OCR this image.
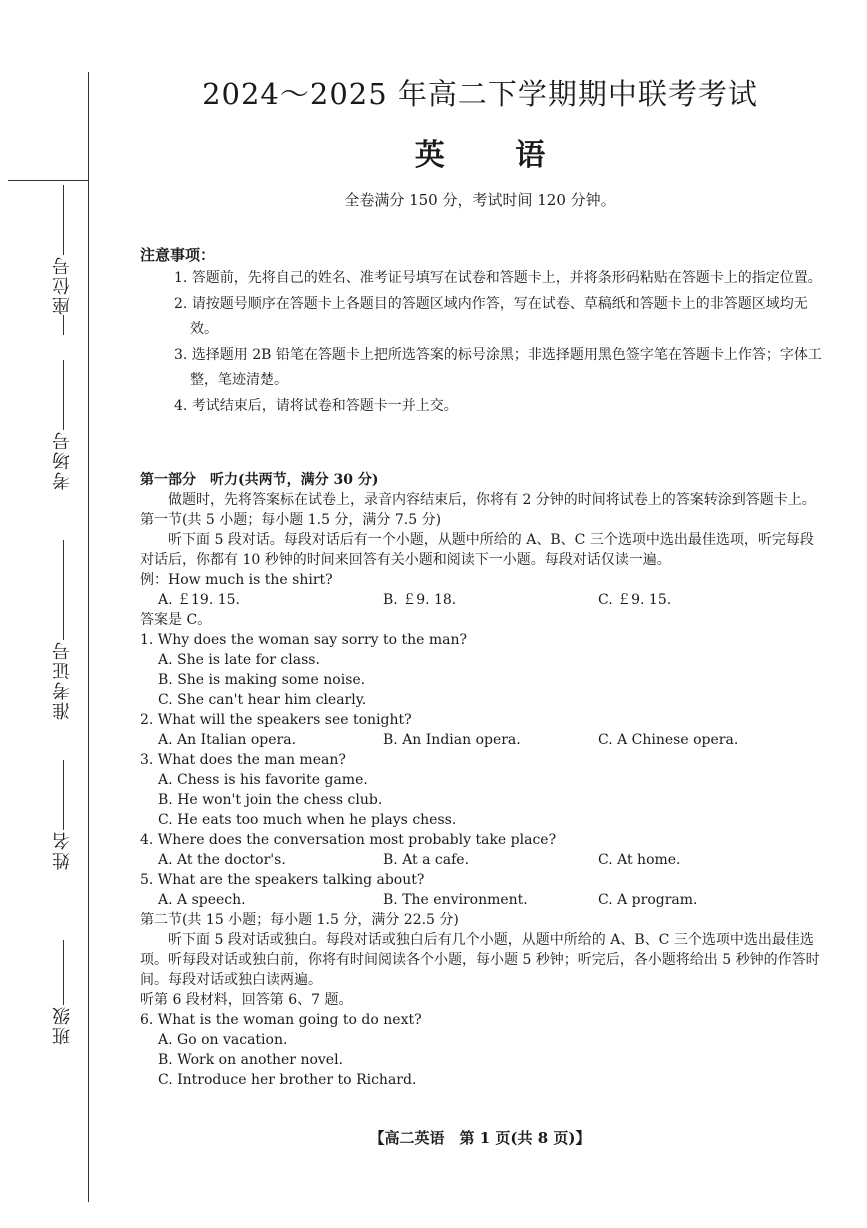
座位号
考场号
准考证号
姓名
班级
2024～2025 年高二下学期期中联考考试
英 语
全卷满分 150 分，考试时间 120 分钟。
注意事项：
1. 答题前，先将自己的姓名、准考证号填写在试卷和答题卡上，并将条形码粘贴在答题卡上的指定位置。
2. 请按题号顺序在答题卡上各题目的答题区域内作答，写在试卷、草稿纸和答题卡上的非答题区域均无效。
3. 选择题用 2B 铅笔在答题卡上把所选答案的标号涂黑；非选择题用黑色签字笔在答题卡上作答；字体工整，笔迹清楚。
4. 考试结束后，请将试卷和答题卡一并上交。
第一部分　听力(共两节，满分 30 分)
做题时，先将答案标在试卷上，录音内容结束后，你将有 2 分钟的时间将试卷上的答案转涂到答题卡上。
第一节(共 5 小题；每小题 1.5 分，满分 7.5 分)
听下面 5 段对话。每段对话后有一个小题，从题中所给的 A、B、C 三个选项中选出最佳选项，听完每段对话后，你都有 10 秒钟的时间来回答有关小题和阅读下一小题。每段对话仅读一遍。
例：How much is the shirt?
A. ￡19. 15.	B. ￡9. 18.	C. ￡9. 15.
答案是 C。
1. Why does the woman say sorry to the man?
A. She is late for class.
B. She is making some noise.
C. She can't hear him clearly.
2. What will the speakers see tonight?
A. An Italian opera.	B. An Indian opera.	C. A Chinese opera.
3. What does the man mean?
A. Chess is his favorite game.
B. He won't join the chess club.
C. He eats too much when he plays chess.
4. Where does the conversation most probably take place?
A. At the doctor's.	B. At a cafe.	C. At home.
5. What are the speakers talking about?
A. A speech.	B. The environment.	C. A program.
第二节(共 15 小题；每小题 1.5 分，满分 22.5 分)
听下面 5 段对话或独白。每段对话或独白后有几个小题，从题中所给的 A、B、C 三个选项中选出最佳选项。听每段对话或独白前，你将有时间阅读各个小题，每小题 5 秒钟；听完后，各小题将给出 5 秒钟的作答时间。每段对话或独白读两遍。
听第 6 段材料，回答第 6、7 题。
6. What is the woman going to do next?
A. Go on vacation.
B. Work on another novel.
C. Introduce her brother to Richard.
【高二英语　第 1 页(共 8 页)】
